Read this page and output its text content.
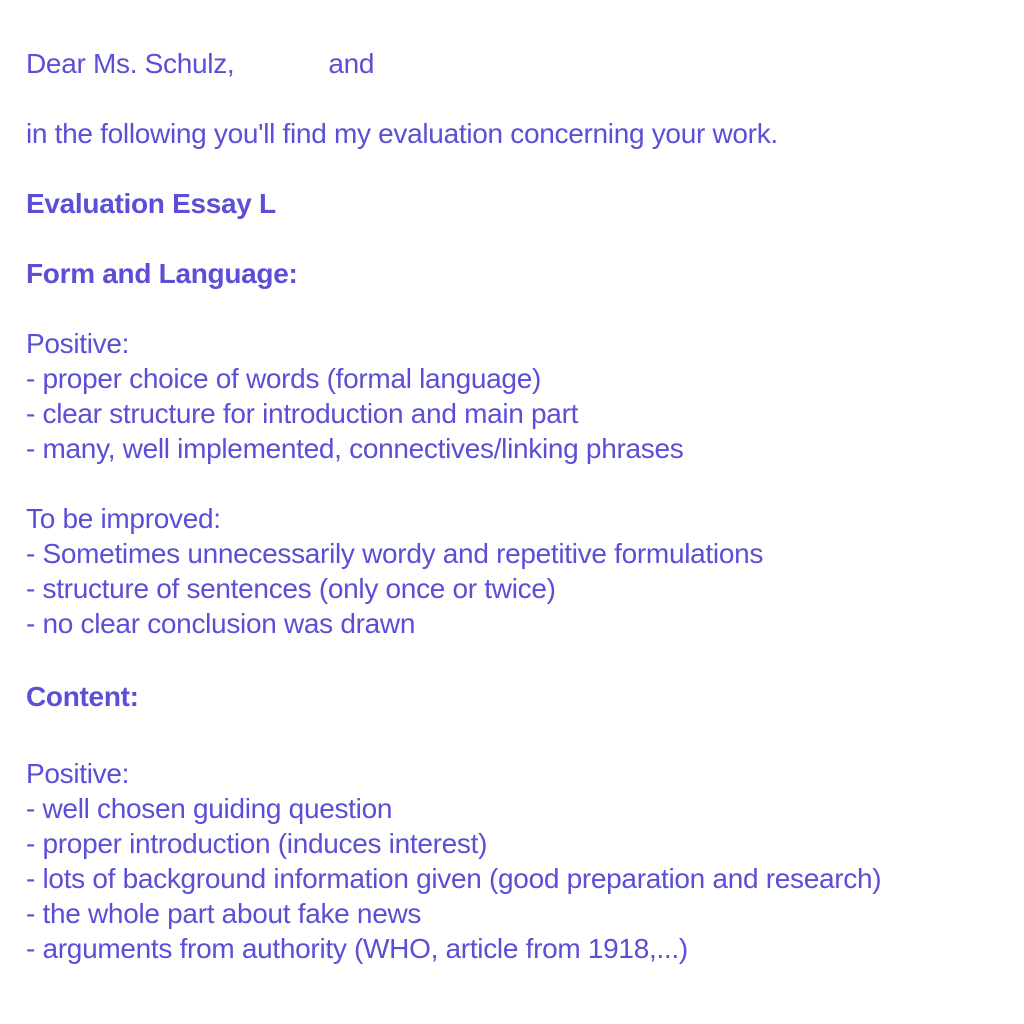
Dear Ms. Schulz,	and
in the following you'll find my evaluation concerning your work.
Evaluation Essay L
Form and Language:
Positive:
- proper choice of words (formal language)
- clear structure for introduction and main part
- many, well implemented, connectives/linking phrases
To be improved:
- Sometimes unnecessarily wordy and repetitive formulations
- structure of sentences (only once or twice)
- no clear conclusion was drawn
Content:
Positive:
- well chosen guiding question
- proper introduction (induces interest)
- lots of background information given (good preparation and research)
- the whole part about fake news
- arguments from authority (WHO, article from 1918,...)
